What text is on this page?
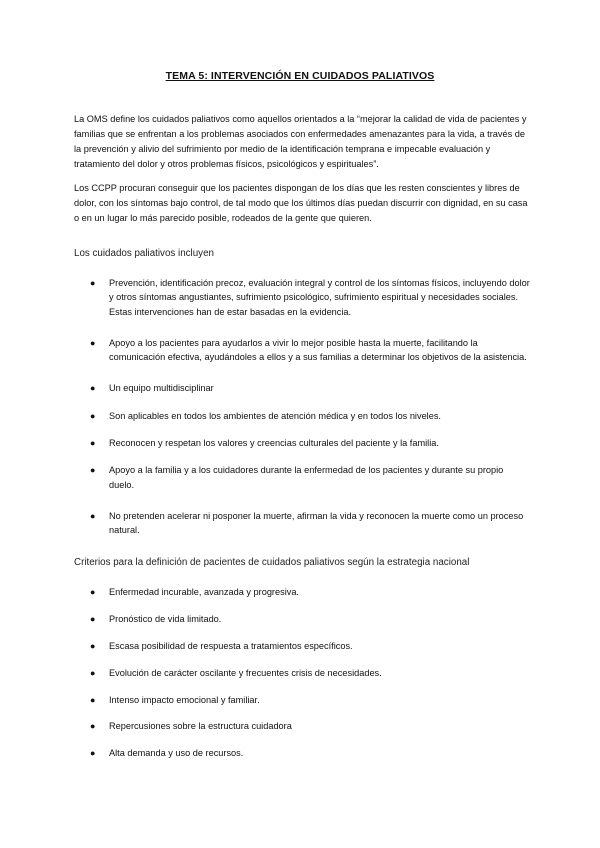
TEMA 5: INTERVENCIÓN EN CUIDADOS PALIATIVOS
La OMS define los cuidados paliativos como aquellos orientados a la “mejorar la calidad de vida de pacientes y familias que se enfrentan a los problemas asociados con enfermedades amenazantes para la vida, a través de la prevención y alivio del sufrimiento por medio de la identificación temprana e impecable evaluación y tratamiento del dolor y otros problemas físicos, psicológicos y espirituales”.
Los CCPP procuran conseguir que los pacientes dispongan de los días que les resten conscientes y libres de dolor, con los síntomas bajo control, de tal modo que los últimos días puedan discurrir con dignidad, en su casa o en un lugar lo más parecido posible, rodeados de la gente que quieren.
Los cuidados paliativos incluyen
● Prevención, identificación precoz, evaluación integral y control de los síntomas físicos, incluyendo dolor y otros síntomas angustiantes, sufrimiento psicológico, sufrimiento espiritual y necesidades sociales. Estas intervenciones han de estar basadas en la evidencia.
● Apoyo a los pacientes para ayudarlos a vivir lo mejor posible hasta la muerte, facilitando la comunicación efectiva, ayudándoles a ellos y a sus familias a determinar los objetivos de la asistencia.
● Un equipo multidisciplinar
● Son aplicables en todos los ambientes de atención médica y en todos los niveles.
● Reconocen y respetan los valores y creencias culturales del paciente y la familia.
● Apoyo a la familia y a los cuidadores durante la enfermedad de los pacientes y durante su propio duelo.
● No pretenden acelerar ni posponer la muerte, afirman la vida y reconocen la muerte como un proceso natural.
Criterios para la definición de pacientes de cuidados paliativos según la estrategia nacional
● Enfermedad incurable, avanzada y progresiva.
● Pronóstico de vida limitado.
● Escasa posibilidad de respuesta a tratamientos específicos.
● Evolución de carácter oscilante y frecuentes crisis de necesidades.
● Intenso impacto emocional y familiar.
● Repercusiones sobre la estructura cuidadora
● Alta demanda y uso de recursos.
